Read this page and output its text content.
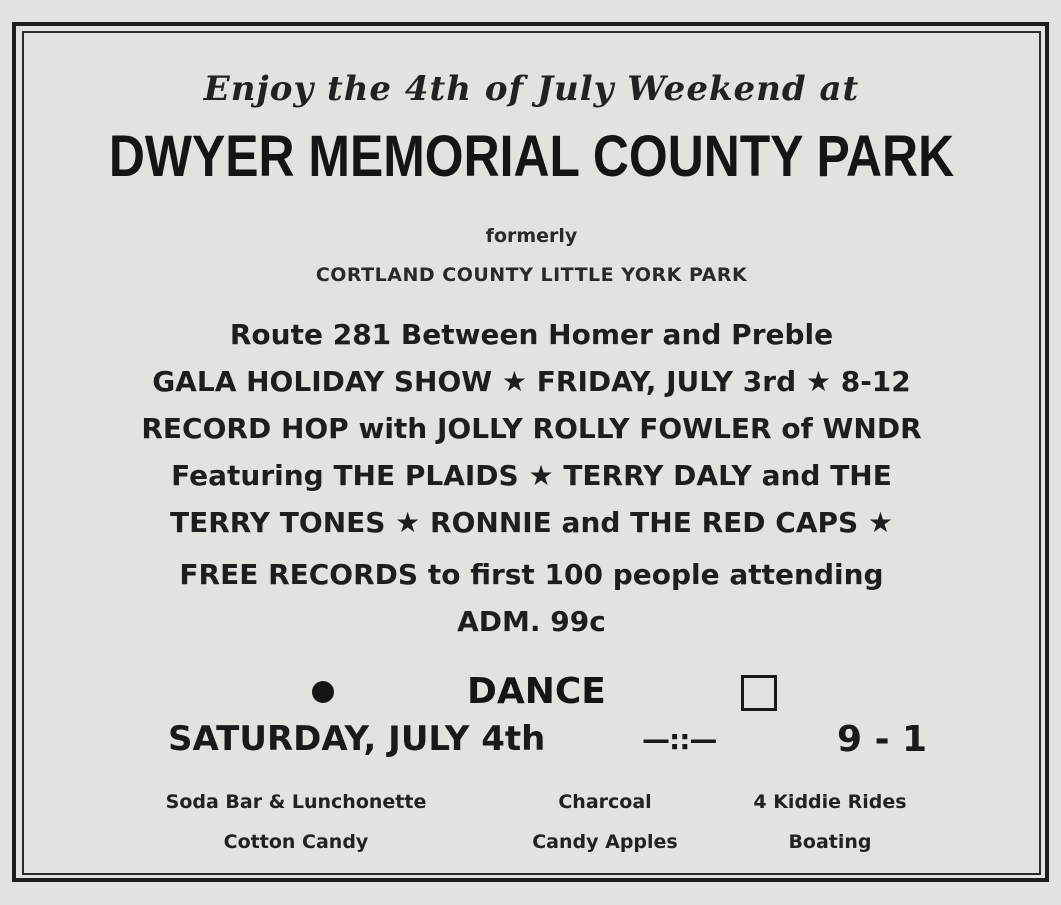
Enjoy the 4th of July Weekend at
DWYER MEMORIAL COUNTY PARK
formerly
CORTLAND COUNTY LITTLE YORK PARK
Route 281 Between Homer and Preble
GALA HOLIDAY SHOW ★ FRIDAY, JULY 3rd ★ 8-12
RECORD HOP with JOLLY ROLLY FOWLER of WNDR
Featuring THE PLAIDS ★ TERRY DALY and THE
TERRY TONES ★ RONNIE and THE RED CAPS ★
FREE RECORDS to first 100 people attending
ADM. 99c
DANCE
SATURDAY, JULY 4th	—::—	9 - 1
Soda Bar & Lunchonette
Cotton Candy
Charcoal
Candy Apples
4 Kiddie Rides
Boating
